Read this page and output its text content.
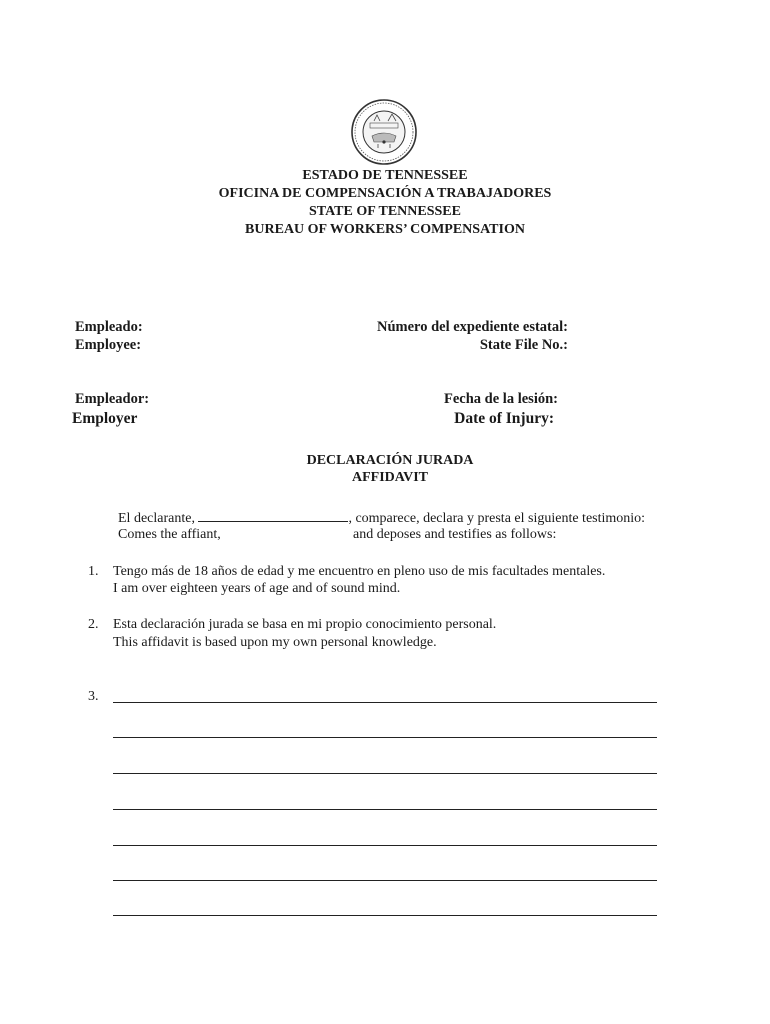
ESTADO DE TENNESSEE
OFICINA DE COMPENSACIÓN A TRABAJADORES
STATE OF TENNESSEE
BUREAU OF WORKERS’ COMPENSATION
Empleado:
Employee:
Número del expediente estatal:
State File No.:
Empleador:
Employer
Fecha de la lesión:
Date of Injury:
DECLARACIÓN JURADA
AFFIDAVIT
El declarante,	, comparece, declara y presta el siguiente testimonio:
Comes the affiant,	and deposes and testifies as follows:
1. Tengo más de 18 años de edad y me encuentro en pleno uso de mis facultades mentales.
I am over eighteen years of age and of sound mind.
2. Esta declaración jurada se basa en mi propio conocimiento personal.
This affidavit is based upon my own personal knowledge.
3.
